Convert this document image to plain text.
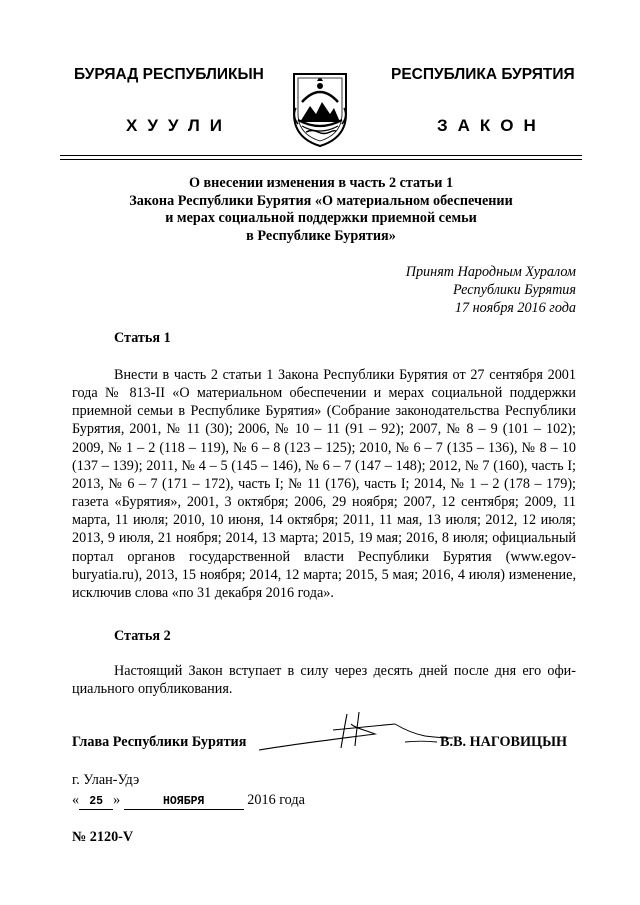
БУРЯАД РЕСПУБЛИКЫН
ХУУЛИ
РЕСПУБЛИКА БУРЯТИЯ
ЗАКОН
О внесении изменения в часть 2 статьи 1
Закона Республики Бурятия «О материальном обеспечении
и мерах социальной поддержки приемной семьи
в Республике Бурятия»
Принят Народным Хуралом
Республики Бурятия
17 ноября 2016 года
Статья 1
Внести в часть 2 статьи 1 Закона Республики Бурятия от 27 сентября 2001 года № 813-II «О материальном обеспечении и мерах социальной поддержки приемной семьи в Республике Бурятия» (Собрание законодательства Республики Бурятия, 2001, № 11 (30); 2006, № 10 – 11 (91 – 92); 2007, № 8 – 9 (101 – 102); 2009, № 1 – 2 (118 – 119), № 6 – 8 (123 – 125); 2010, № 6 – 7 (135 – 136), № 8 – 10 (137 – 139); 2011, № 4 – 5 (145 – 146), № 6 – 7 (147 – 148); 2012, № 7 (160), часть I; 2013, № 6 – 7 (171 – 172), часть I; № 11 (176), часть I; 2014, № 1 – 2 (178 – 179); газета «Бурятия», 2001, 3 октября; 2006, 29 ноября; 2007, 12 сентября; 2009, 11 марта, 11 июля; 2010, 10 июня, 14 октября; 2011, 11 мая, 13 июля; 2012, 12 июля; 2013, 9 июля, 21 ноября; 2014, 13 марта; 2015, 19 мая; 2016, 8 июля; официальный портал органов государственной власти Республики Бурятия (www.egov-buryatia.ru), 2013, 15 ноября; 2014, 12 марта; 2015, 5 мая; 2016, 4 июля) изменение, исключив слова «по 31 декабря 2016 года».
Статья 2
Настоящий Закон вступает в силу через десять дней после дня его официального опубликования.
Глава Республики Бурятия	В.В. НАГОВИЦЫН
г. Улан-Удэ
« 25 »	НОЯБРЯ	2016 года
№ 2120-V
